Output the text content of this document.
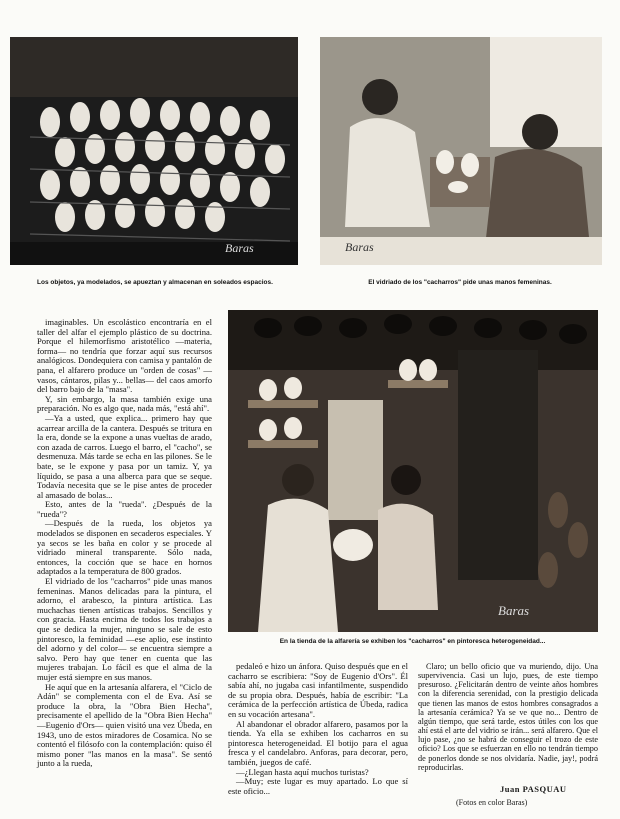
Baras
Los objetos, ya modelados, se apueztan y almacenan en soleados espacios.
Baras
El vidriado de los "cacharros" pide unas manos femeninas.

imaginables. Un escolástico encontraría en el taller del alfar el ejemplo plástico de su doctrina. Porque el hilemorfismo aristotélico —materia, forma— no tendría que forzar aquí sus recursos analógicos. Dondequiera con camisa y pantalón de pana, el alfarero produce un "orden de cosas" —vasos, cántaros, pilas y... bellas— del caos amorfo del barro bajo de la "masa".

Y, sin embargo, la masa también exige una preparación. No es algo que, nada más, "está ahí".

—Ya a usted, que explica... primero hay que acarrear arcilla de la cantera. Después se tritura en la era, donde se la expone a unas vueltas de arado, con azada de carros. Luego el barro, el "cacho", se desmenuza. Más tarde se echa en las pilones. Se le bate, se le expone y pasa por un tamiz. Y, ya líquido, se pasa a una alberca para que se seque. Todavía necesita que se le pise antes de proceder al amasado de bolas...

Esto, antes de la "rueda". ¿Después de la "rueda"?

—Después de la rueda, los objetos ya modelados se disponen en secaderos especiales. Y ya secos se les baña en color y se procede al vidriado mineral transparente. Sólo nada, entonces, la cocción que se hace en hornos adaptados a la temperatura de 800 grados.

El vidriado de los "cacharros" pide unas manos femeninas. Manos delicadas para la pintura, el adorno, el arabesco, la pintura artística. Las muchachas tienen artísticas trabajos. Sencillos y con gracia. Hasta encima de todos los trabajos a que se dedica la mujer, ninguno se sale de esto pintoresco, la feminidad —ese aplio, ese instinto del adorno y del color— se encuentra siempre a salvo. Pero hay que tener en cuenta que las mujeres trabajan. Lo fácil es que el alma de la mujer está siempre en sus manos.

He aquí que en la artesanía alfarera, el "Ciclo de Adán" se complementa con el de Eva. Así se produce la obra, la "Obra Bien Hecha", precisamente el apellido de la "Obra Bien Hecha" —Eugenio d'Ors— quien visitó una vez Úbeda, en 1943, uno de estos miradores de Cosamica. No se contentó el filósofo con la contemplación: quiso él mismo poner "las manos en la masa". Se sentó junto a la rueda,

Baras
En la tienda de la alfarería se exhiben los "cacharros" en pintoresca heterogeneidad...

pedaleó e hizo un ánfora. Quiso después que en el cacharro se escribiera: "Soy de Eugenio d'Ors". Él sabía ahí, no jugaba casi infantilmente, suspendido de su propia obra. Después, había de escribir: "La cerámica de la perfección artística de Úbeda, radica en su vocación artesana".

Al abandonar el obrador alfarero, pasamos por la tienda. Ya ella se exhiben los cacharros en su pintoresca heterogeneidad. El botijo para el agua fresca y el candelabro. Anforas, para decorar, pero, también, juegos de café.

—¿Llegan hasta aquí muchos turistas?

—Muy; este lugar es muy apartado. Lo que sí este oficio...

Claro; un bello oficio que va muriendo, dijo. Una supervivencia. Casi un lujo, pues, de este tiempo presuroso. ¿Felicitarán dentro de veinte años hombres con la diferencia serenidad, con la prestigio delicada que tienen las manos de estos hombres consagrados a la artesanía cerámica? Ya se ve que no... Dentro de algún tiempo, que será tarde, estos útiles con los que ahí está el arte del vidrio se irán... será alfarero. Que el lujo pase, ¿no se habrá de conseguir el trozo de este oficio? Los que se esfuerzan en ello no tendrán tiempo de ponerlos donde se nos olvidaría. Nadie, jay!, podrá reproducirlas.

Juan PASQUAU
(Fotos en color Baras)
